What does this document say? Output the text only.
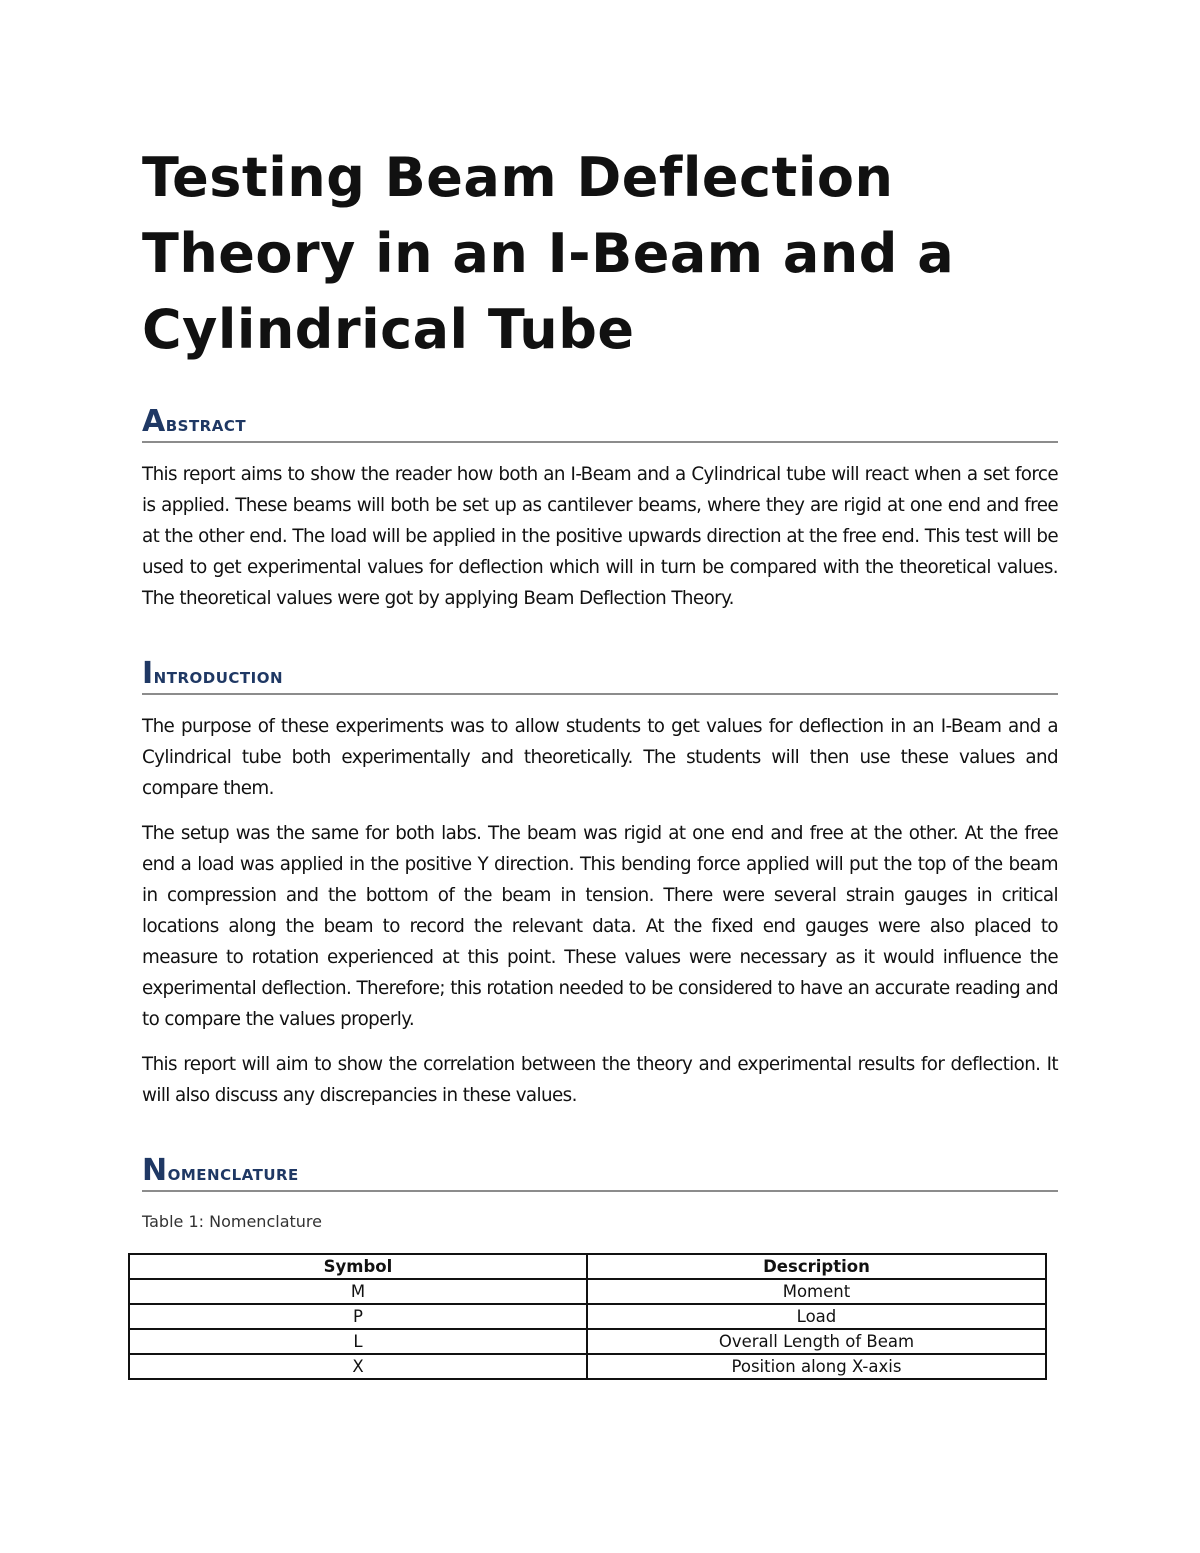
Testing Beam Deflection Theory in an I-Beam and a Cylindrical Tube
Abstract

This report aims to show the reader how both an I-Beam and a Cylindrical tube will react when a set force is applied. These beams will both be set up as cantilever beams, where they are rigid at one end and free at the other end. The load will be applied in the positive upwards direction at the free end. This test will be used to get experimental values for deflection which will in turn be compared with the theoretical values. The theoretical values were got by applying Beam Deflection Theory.

Introduction

The purpose of these experiments was to allow students to get values for deflection in an I-Beam and a Cylindrical tube both experimentally and theoretically. The students will then use these values and compare them.

The setup was the same for both labs. The beam was rigid at one end and free at the other. At the free end a load was applied in the positive Y direction. This bending force applied will put the top of the beam in compression and the bottom of the beam in tension. There were several strain gauges in critical locations along the beam to record the relevant data. At the fixed end gauges were also placed to measure to rotation experienced at this point. These values were necessary as it would influence the experimental deflection. Therefore; this rotation needed to be considered to have an accurate reading and to compare the values properly.

This report will aim to show the correlation between the theory and experimental results for deflection. It will also discuss any discrepancies in these values.

Nomenclature

Table 1: Nomenclature

Symbol	Description
M	Moment
P	Load
L	Overall Length of Beam
X	Position along X-axis
